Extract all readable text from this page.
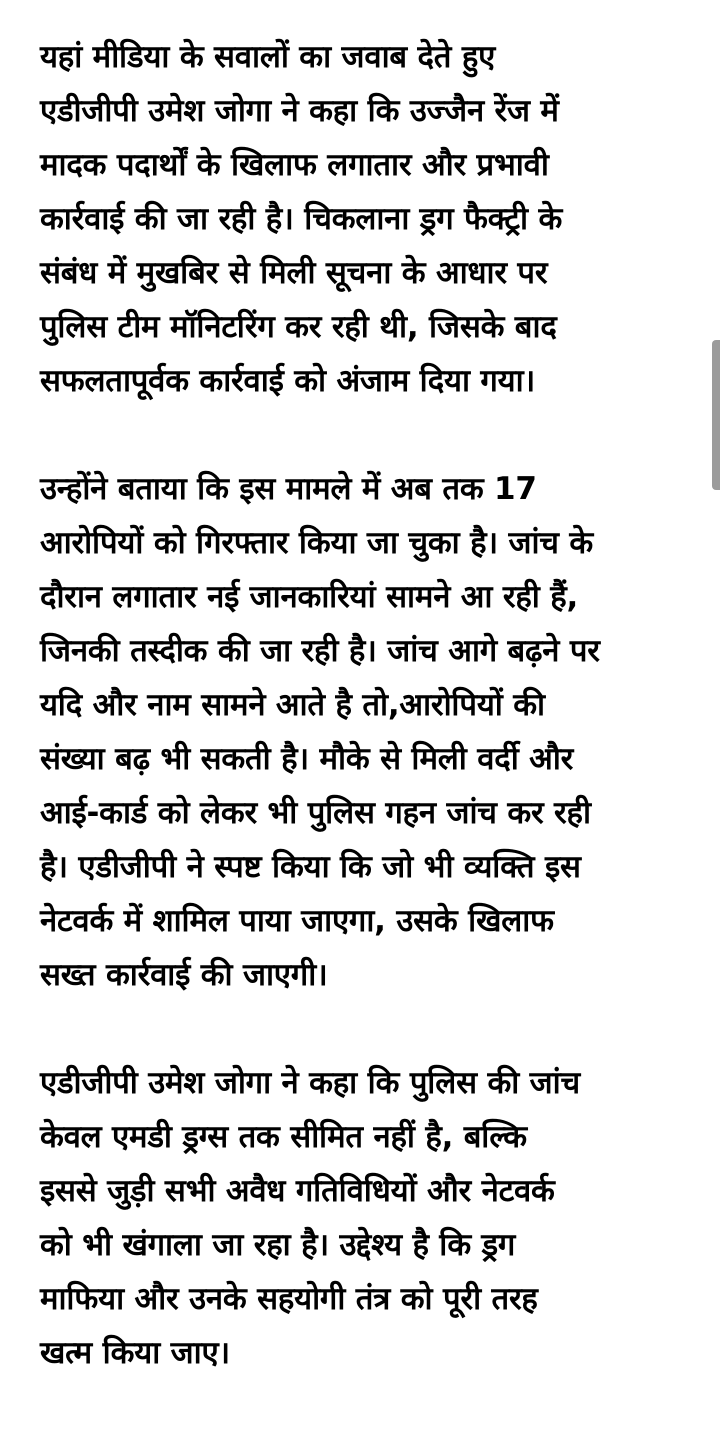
यहां मीडिया के सवालों का जवाब देते हुए
एडीजीपी उमेश जोगा ने कहा कि उज्जैन रेंज में
मादक पदार्थों के खिलाफ लगातार और प्रभावी
कार्रवाई की जा रही है। चिकलाना ड्रग फैक्ट्री के
संबंध में मुखबिर से मिली सूचना के आधार पर
पुलिस टीम मॉनिटरिंग कर रही थी, जिसके बाद
सफलतापूर्वक कार्रवाई को अंजाम दिया गया।

उन्होंने बताया कि इस मामले में अब तक 17
आरोपियों को गिरफ्तार किया जा चुका है। जांच के
दौरान लगातार नई जानकारियां सामने आ रही हैं,
जिनकी तस्दीक की जा रही है। जांच आगे बढ़ने पर
यदि और नाम सामने आते है तो,आरोपियों की
संख्या बढ़ भी सकती है। मौके से मिली वर्दी और
आई-कार्ड को लेकर भी पुलिस गहन जांच कर रही
है। एडीजीपी ने स्पष्ट किया कि जो भी व्यक्ति इस
नेटवर्क में शामिल पाया जाएगा, उसके खिलाफ
सख्त कार्रवाई की जाएगी।

एडीजीपी उमेश जोगा ने कहा कि पुलिस की जांच
केवल एमडी ड्रग्स तक सीमित नहीं है, बल्कि
इससे जुड़ी सभी अवैध गतिविधियों और नेटवर्क
को भी खंगाला जा रहा है। उद्देश्य है कि ड्रग
माफिया और उनके सहयोगी तंत्र को पूरी तरह
खत्म किया जाए।
